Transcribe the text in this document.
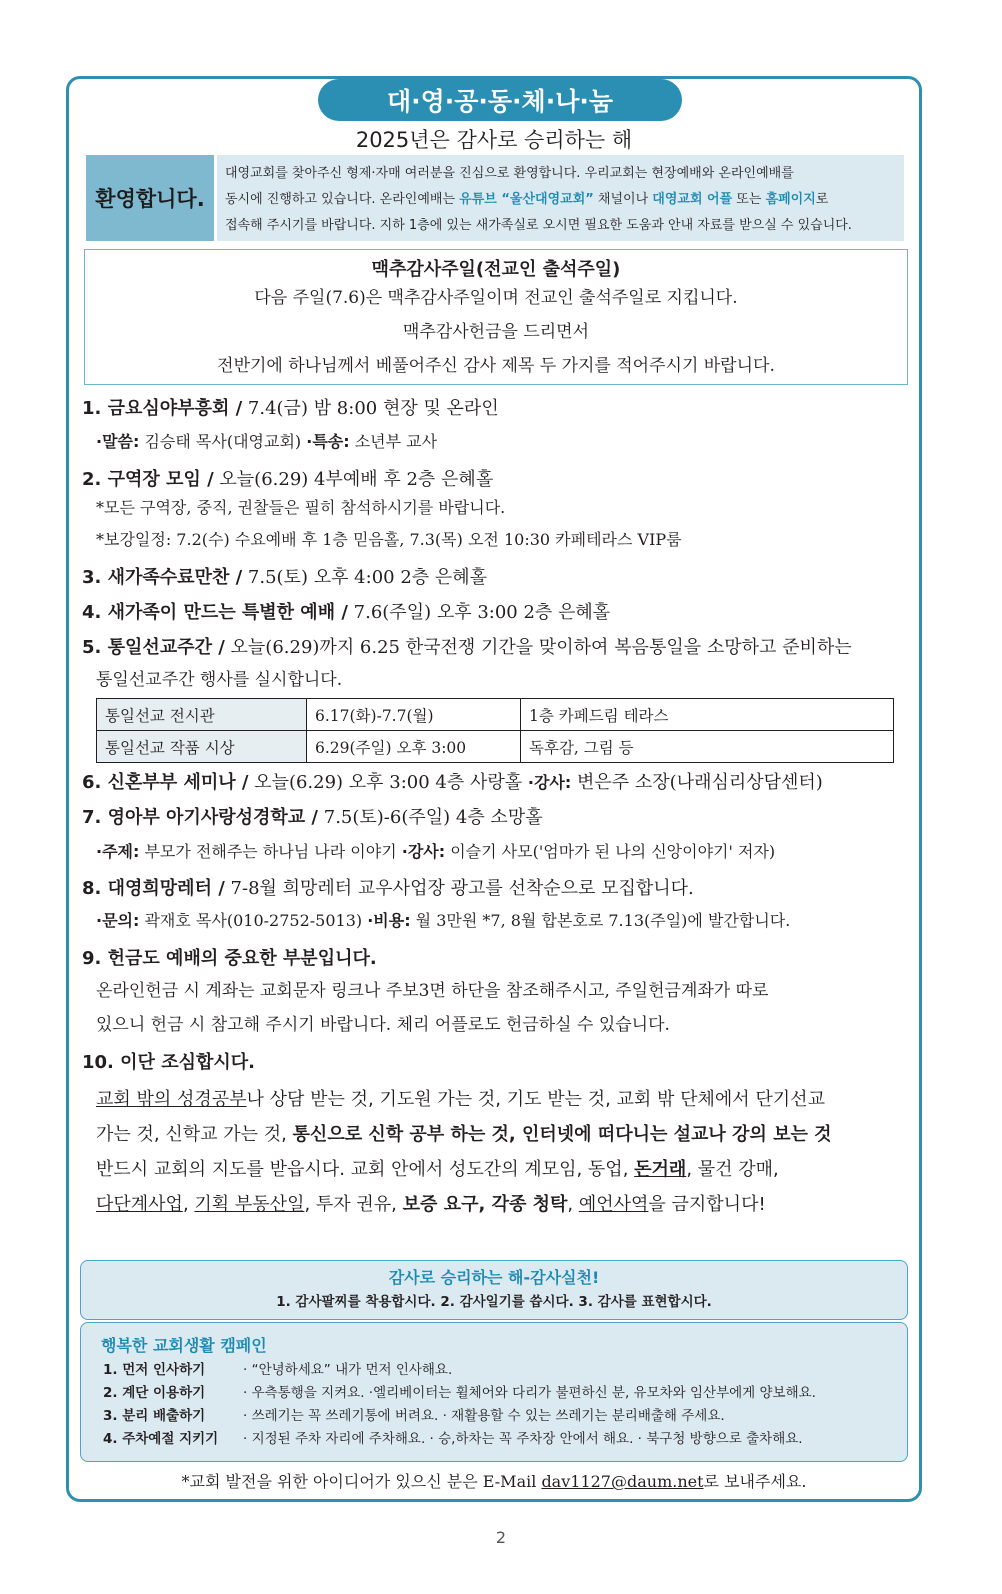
대·영·공·동·체·나·눔
2025년은 감사로 승리하는 해
환영합니다.
대영교회를 찾아주신 형제·자매 여러분을 진심으로 환영합니다. 우리교회는 현장예배와 온라인예배를
동시에 진행하고 있습니다. 온라인예배는 유튜브 “울산대영교회” 채널이나 대영교회 어플 또는 홈페이지로
접속해 주시기를 바랍니다. 지하 1층에 있는 새가족실로 오시면 필요한 도움과 안내 자료를 받으실 수 있습니다.
맥추감사주일(전교인 출석주일)
다음 주일(7.6)은 맥추감사주일이며 전교인 출석주일로 지킵니다.
맥추감사헌금을 드리면서
전반기에 하나님께서 베풀어주신 감사 제목 두 가지를 적어주시기 바랍니다.
1. 금요심야부흥회 / 7.4(금) 밤 8:00 현장 및 온라인
·말씀: 김승태 목사(대영교회) ·특송: 소년부 교사
2. 구역장 모임 / 오늘(6.29) 4부예배 후 2층 은혜홀
*모든 구역장, 중직, 권찰들은 필히 참석하시기를 바랍니다.
*보강일정: 7.2(수) 수요예배 후 1층 믿음홀, 7.3(목) 오전 10:30 카페테라스 VIP룸
3. 새가족수료만찬 / 7.5(토) 오후 4:00 2층 은혜홀
4. 새가족이 만드는 특별한 예배 / 7.6(주일) 오후 3:00 2층 은혜홀
5. 통일선교주간 / 오늘(6.29)까지 6.25 한국전쟁 기간을 맞이하여 복음통일을 소망하고 준비하는
통일선교주간 행사를 실시합니다.
통일선교 전시관	6.17(화)-7.7(월)	1층 카페드림 테라스
통일선교 작품 시상	6.29(주일) 오후 3:00	독후감, 그림 등
6. 신혼부부 세미나 / 오늘(6.29) 오후 3:00 4층 사랑홀 ·강사: 변은주 소장(나래심리상담센터)
7. 영아부 아기사랑성경학교 / 7.5(토)-6(주일) 4층 소망홀
·주제: 부모가 전해주는 하나님 나라 이야기 ·강사: 이슬기 사모('엄마가 된 나의 신앙이야기' 저자)
8. 대영희망레터 / 7-8월 희망레터 교우사업장 광고를 선착순으로 모집합니다.
·문의: 곽재호 목사(010-2752-5013) ·비용: 월 3만원 *7, 8월 합본호로 7.13(주일)에 발간합니다.
9. 헌금도 예배의 중요한 부분입니다.
온라인헌금 시 계좌는 교회문자 링크나 주보3면 하단을 참조해주시고, 주일헌금계좌가 따로
있으니 헌금 시 참고해 주시기 바랍니다. 체리 어플로도 헌금하실 수 있습니다.
10. 이단 조심합시다.
교회 밖의 성경공부나 상담 받는 것, 기도원 가는 것, 기도 받는 것, 교회 밖 단체에서 단기선교
가는 것, 신학교 가는 것, 통신으로 신학 공부 하는 것, 인터넷에 떠다니는 설교나 강의 보는 것
반드시 교회의 지도를 받읍시다. 교회 안에서 성도간의 계모임, 동업, 돈거래, 물건 강매,
다단계사업, 기획 부동산일, 투자 권유, 보증 요구, 각종 청탁, 예언사역을 금지합니다!
감사로 승리하는 해-감사실천!
1. 감사팔찌를 착용합시다. 2. 감사일기를 씁시다. 3. 감사를 표현합시다.
행복한 교회생활 캠페인
1. 먼저 인사하기	· “안녕하세요” 내가 먼저 인사해요.
2. 계단 이용하기	· 우측통행을 지켜요. ·엘리베이터는 휠체어와 다리가 불편하신 분, 유모차와 임산부에게 양보해요.
3. 분리 배출하기	· 쓰레기는 꼭 쓰레기통에 버려요. · 재활용할 수 있는 쓰레기는 분리배출해 주세요.
4. 주차예절 지키기 · 지정된 주차 자리에 주차해요. · 승,하차는 꼭 주차장 안에서 해요. · 북구청 방향으로 출차해요.
*교회 발전을 위한 아이디어가 있으신 분은 E-Mail dav1127@daum.net로 보내주세요.
2
